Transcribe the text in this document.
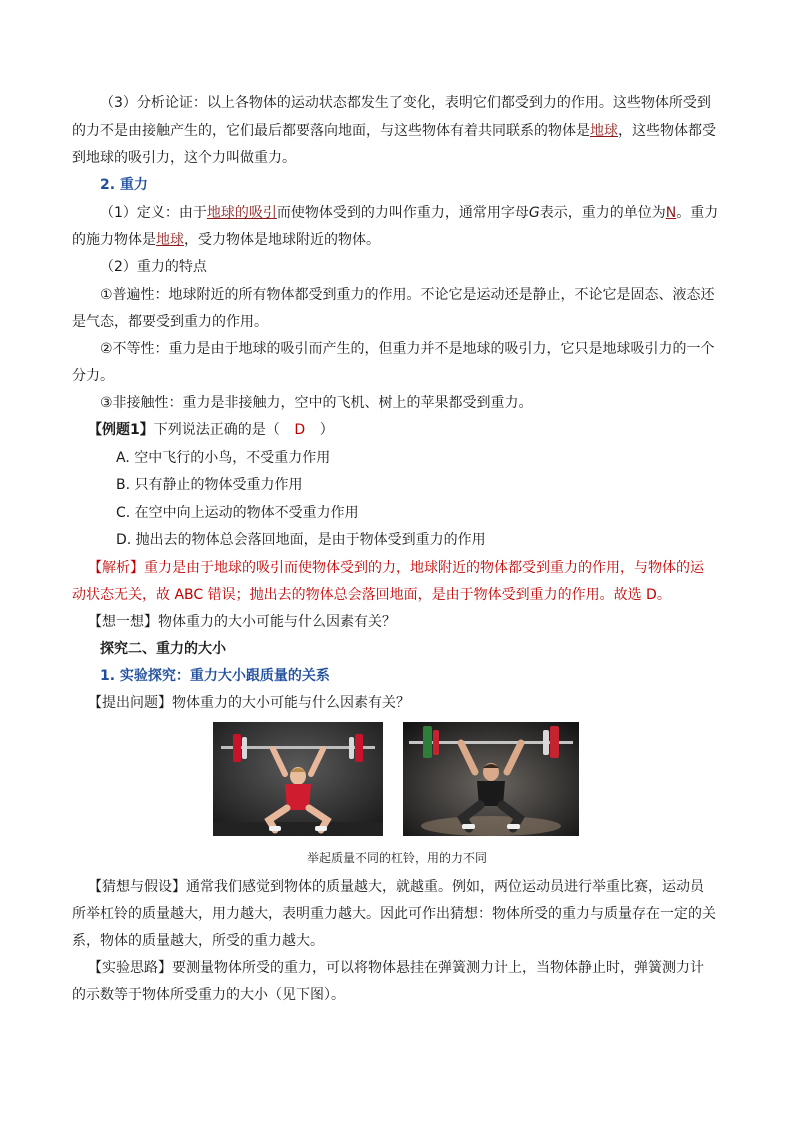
（3）分析论证：以上各物体的运动状态都发生了变化，表明它们都受到力的作用。这些物体所受到
的力不是由接触产生的，它们最后都要落向地面，与这些物体有着共同联系的物体是地球，这些物体都受
到地球的吸引力，这个力叫做重力。
2. 重力
（1）定义：由于地球的吸引而使物体受到的力叫作重力，通常用字母G表示，重力的单位为N。重力
的施力物体是地球，受力物体是地球附近的物体。
（2）重力的特点
①普遍性：地球附近的所有物体都受到重力的作用。不论它是运动还是静止，不论它是固态、液态还
是气态，都要受到重力的作用。
②不等性：重力是由于地球的吸引而产生的，但重力并不是地球的吸引力，它只是地球吸引力的一个
分力。
③非接触性：重力是非接触力，空中的飞机、树上的苹果都受到重力。
【例题1】下列说法正确的是（ D ）
A. 空中飞行的小鸟，不受重力作用
B. 只有静止的物体受重力作用
C. 在空中向上运动的物体不受重力作用
D. 抛出去的物体总会落回地面，是由于物体受到重力的作用
【解析】重力是由于地球的吸引而使物体受到的力，地球附近的物体都受到重力的作用，与物体的运
动状态无关，故 ABC 错误；抛出去的物体总会落回地面，是由于物体受到重力的作用。故选 D。
【想一想】物体重力的大小可能与什么因素有关？
探究二、重力的大小
1. 实验探究：重力大小跟质量的关系
【提出问题】物体重力的大小可能与什么因素有关？
举起质量不同的杠铃，用的力不同
【猜想与假设】通常我们感觉到物体的质量越大，就越重。例如，两位运动员进行举重比赛，运动员
所举杠铃的质量越大，用力越大，表明重力越大。因此可作出猜想：物体所受的重力与质量存在一定的关
系，物体的质量越大，所受的重力越大。
【实验思路】要测量物体所受的重力，可以将物体悬挂在弹簧测力计上，当物体静止时，弹簧测力计
的示数等于物体所受重力的大小（见下图）。
